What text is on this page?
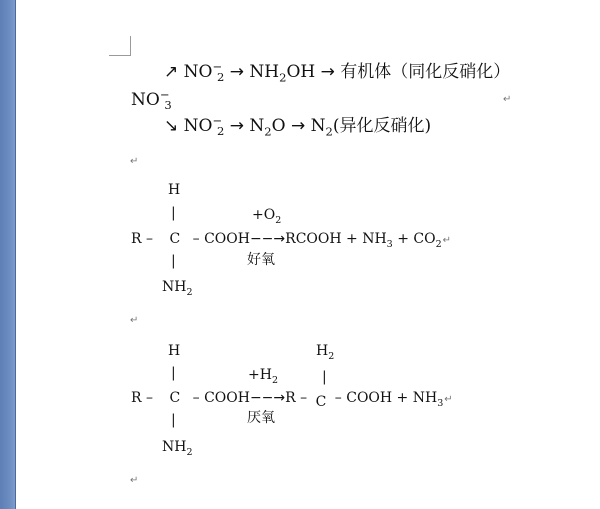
↗ $NO^-_2 \to NH_2OH$ → 有机体（同化反硝化）
$NO^-_3$	↵
↘ $NO^-_2 \to N_2O \to N_2$(异化反硝化)
↵
H
|	$+O_2$
R – C – COOH−−→RCOOH + $NH_3$ + $CO_2↵$
|	好氧
$NH_2$
↵
H	$H_2$
|	$+H_2$	|
R – C – COOH−−→R – C – COOH + $NH_3↵$
|	厌氧
$NH_2$
↵
